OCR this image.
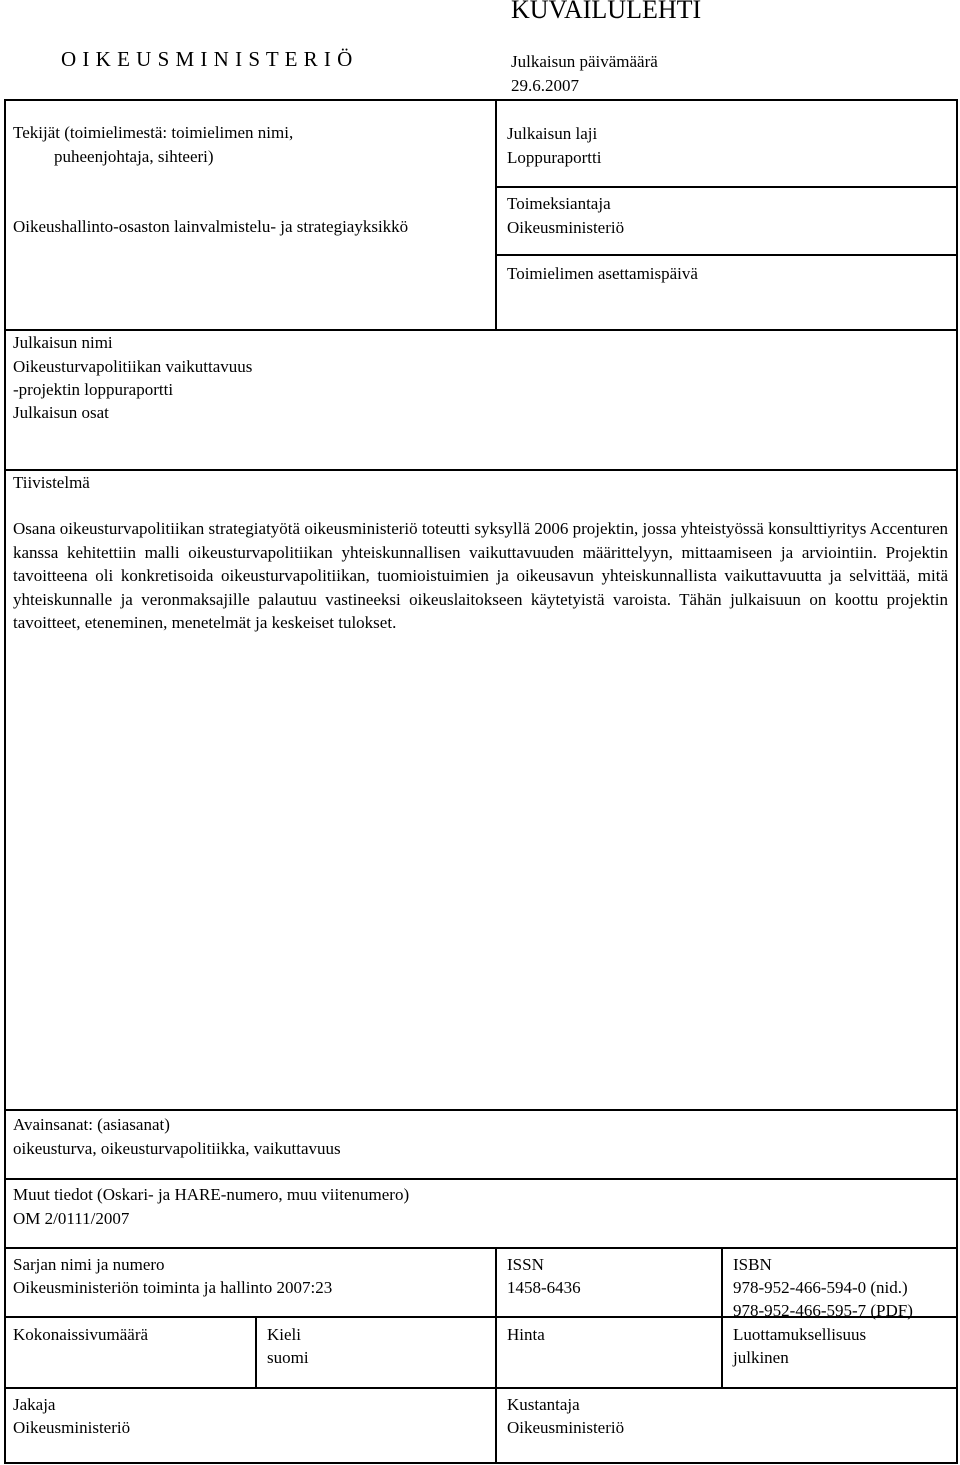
O I K E U S M I N I S T E R I Ö
KUVAILULEHTI
Julkaisun päivämäärä
29.6.2007
Tekijät (toimielimestä: toimielimen nimi,
puheenjohtaja, sihteeri)
Oikeushallinto-osaston lainvalmistelu- ja strategiayksikkö
Julkaisun laji
Loppuraportti
Toimeksiantaja
Oikeusministeriö
Toimielimen asettamispäivä
Julkaisun nimi
Oikeusturvapolitiikan vaikuttavuus
-projektin loppuraportti
Julkaisun osat
Tiivistelmä
Osana oikeusturvapolitiikan strategiatyötä oikeusministeriö toteutti syksyllä 2006 projektin, jossa yhteistyössä konsulttiyritys Accenturen kanssa kehitettiin malli oikeusturvapolitiikan yhteiskunnallisen vaikuttavuuden määrittelyyn, mittaamiseen ja arviointiin. Projektin tavoitteena oli konkretisoida oikeusturvapolitiikan, tuomioistuimien ja oikeusavun yhteiskunnallista vaikuttavuutta ja selvittää, mitä yhteiskunnalle ja veronmaksajille palautuu vastineeksi oikeuslaitokseen käytetyistä varoista. Tähän julkaisuun on koottu projektin tavoitteet, eteneminen, menetelmät ja keskeiset tulokset.
Avainsanat: (asiasanat)
oikeusturva, oikeusturvapolitiikka, vaikuttavuus
Muut tiedot (Oskari- ja HARE-numero, muu viitenumero)
OM 2/0111/2007
Sarjan nimi ja numero
Oikeusministeriön toiminta ja hallinto 2007:23
ISSN
1458-6436
ISBN
978-952-466-594-0 (nid.)
978-952-466-595-7 (PDF)
Kokonaissivumäärä	Kieli
suomi
Hinta	Luottamuksellisuus
julkinen
Jakaja
Oikeusministeriö
Kustantaja
Oikeusministeriö
